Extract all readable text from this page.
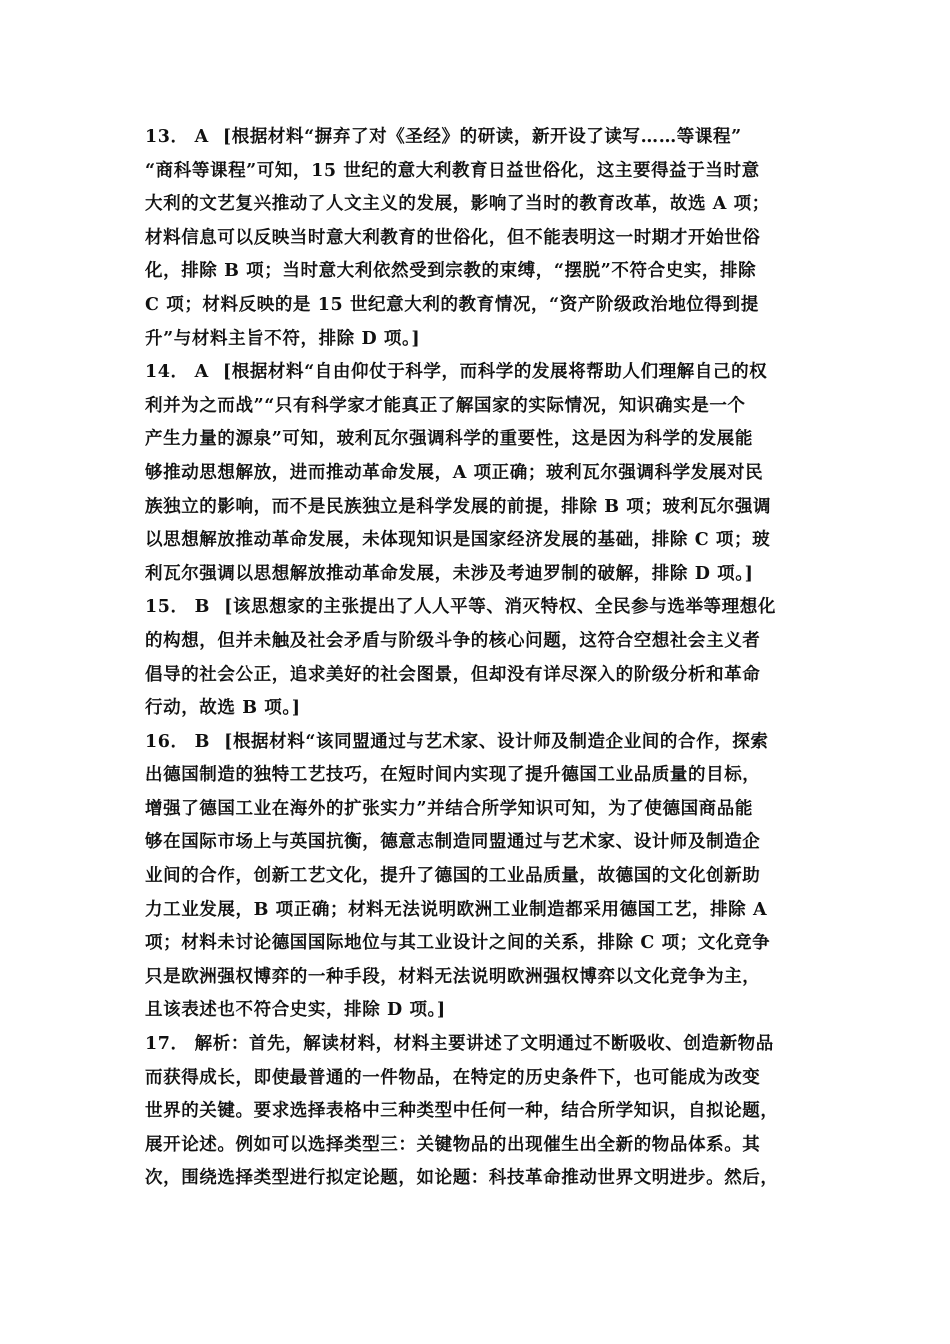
13． A [根据材料“摒弃了对《圣经》的研读，新开设了读写……等课程”
“商科等课程”可知，15 世纪的意大利教育日益世俗化，这主要得益于当时意
大利的文艺复兴推动了人文主义的发展，影响了当时的教育改革，故选 A 项；
材料信息可以反映当时意大利教育的世俗化，但不能表明这一时期才开始世俗
化，排除 B 项；当时意大利依然受到宗教的束缚，“摆脱”不符合史实，排除
C 项；材料反映的是 15 世纪意大利的教育情况，“资产阶级政治地位得到提
升”与材料主旨不符，排除 D 项。]
14． A [根据材料“自由仰仗于科学，而科学的发展将帮助人们理解自己的权
利并为之而战”“只有科学家才能真正了解国家的实际情况，知识确实是一个
产生力量的源泉”可知，玻利瓦尔强调科学的重要性，这是因为科学的发展能
够推动思想解放，进而推动革命发展，A 项正确；玻利瓦尔强调科学发展对民
族独立的影响，而不是民族独立是科学发展的前提，排除 B 项；玻利瓦尔强调
以思想解放推动革命发展，未体现知识是国家经济发展的基础，排除 C 项；玻
利瓦尔强调以思想解放推动革命发展，未涉及考迪罗制的破解，排除 D 项。]
15． B [该思想家的主张提出了人人平等、消灭特权、全民参与选举等理想化
的构想，但并未触及社会矛盾与阶级斗争的核心问题，这符合空想社会主义者
倡导的社会公正，追求美好的社会图景，但却没有详尽深入的阶级分析和革命
行动，故选 B 项。]
16． B [根据材料“该同盟通过与艺术家、设计师及制造企业间的合作，探索
出德国制造的独特工艺技巧，在短时间内实现了提升德国工业品质量的目标，
增强了德国工业在海外的扩张实力”并结合所学知识可知，为了使德国商品能
够在国际市场上与英国抗衡，德意志制造同盟通过与艺术家、设计师及制造企
业间的合作，创新工艺文化，提升了德国的工业品质量，故德国的文化创新助
力工业发展，B 项正确；材料无法说明欧洲工业制造都采用德国工艺，排除 A
项；材料未讨论德国国际地位与其工业设计之间的关系，排除 C 项；文化竞争
只是欧洲强权博弈的一种手段，材料无法说明欧洲强权博弈以文化竞争为主，
且该表述也不符合史实，排除 D 项。]
17． 解析：首先，解读材料，材料主要讲述了文明通过不断吸收、创造新物品
而获得成长，即使最普通的一件物品，在特定的历史条件下，也可能成为改变
世界的关键。要求选择表格中三种类型中任何一种，结合所学知识，自拟论题，
展开论述。例如可以选择类型三：关键物品的出现催生出全新的物品体系。其
次，围绕选择类型进行拟定论题，如论题：科技革命推动世界文明进步。然后，
